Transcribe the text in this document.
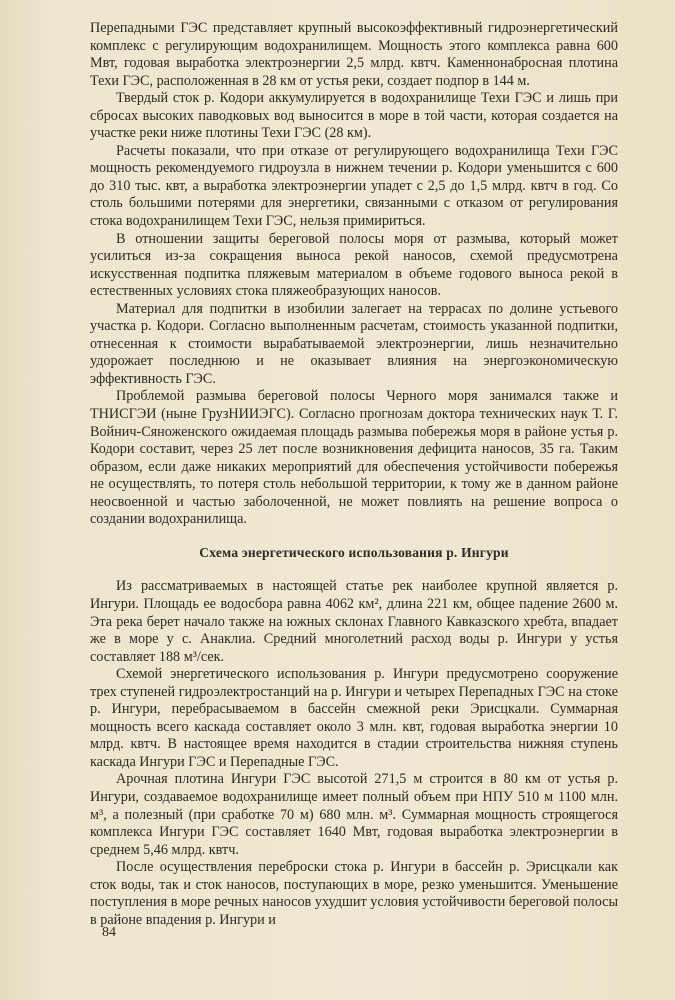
Перепадными ГЭС представляет крупный высокоэффективный гидроэнергетический комплекс с регулирующим водохранилищем. Мощность этого комплекса равна 600 Мвт, годовая выработка электроэнергии 2,5 млрд. квтч. Каменнонабросная плотина Техи ГЭС, расположенная в 28 км от устья реки, создает подпор в 144 м.

Твердый сток р. Кодори аккумулируется в водохранилище Техи ГЭС и лишь при сбросах высоких паводковых вод выносится в море в той части, которая создается на участке реки ниже плотины Техи ГЭС (28 км).

Расчеты показали, что при отказе от регулирующего водохранилища Техи ГЭС мощность рекомендуемого гидроузла в нижнем течении р. Кодори уменьшится с 600 до 310 тыс. квт, а выработка электроэнергии упадет с 2,5 до 1,5 млрд. квтч в год. Со столь большими потерями для энергетики, связанными с отказом от регулирования стока водохранилищем Техи ГЭС, нельзя примириться.

В отношении защиты береговой полосы моря от размыва, который может усилиться из-за сокращения выноса рекой наносов, схемой предусмотрена искусственная подпитка пляжевым материалом в объеме годового выноса рекой в естественных условиях стока пляжеобразующих наносов.

Материал для подпитки в изобилии залегает на террасах по долине устьевого участка р. Кодори. Согласно выполненным расчетам, стоимость указанной подпитки, отнесенная к стоимости вырабатываемой электроэнергии, лишь незначительно удорожает последнюю и не оказывает влияния на энергоэкономическую эффективность ГЭС.

Проблемой размыва береговой полосы Черного моря занимался также и ТНИСГЭИ (ныне ГрузНИИЭГС). Согласно прогнозам доктора технических наук Т. Г. Войнич-Сяноженского ожидаемая площадь размыва побережья моря в районе устья р. Кодори составит, через 25 лет после возникновения дефицита наносов, 35 га. Таким образом, если даже никаких мероприятий для обеспечения устойчивости побережья не осуществлять, то потеря столь небольшой территории, к тому же в данном районе неосвоенной и частью заболоченной, не может повлиять на решение вопроса о создании водохранилища.

Схема энергетического использования р. Ингури

Из рассматриваемых в настоящей статье рек наиболее крупной является р. Ингури. Площадь ее водосбора равна 4062 км², длина 221 км, общее падение 2600 м. Эта река берет начало также на южных склонах Главного Кавказского хребта, впадает же в море у с. Анаклиа. Средний многолетний расход воды р. Ингури у устья составляет 188 м³/сек.

Схемой энергетического использования р. Ингури предусмотрено сооружение трех ступеней гидроэлектростанций на р. Ингури и четырех Перепадных ГЭС на стоке р. Ингури, перебрасываемом в бассейн смежной реки Эрисцкали. Суммарная мощность всего каскада составляет около 3 млн. квт, годовая выработка энергии 10 млрд. квтч. В настоящее время находится в стадии строительства нижняя ступень каскада Ингури ГЭС и Перепадные ГЭС.

Арочная плотина Ингури ГЭС высотой 271,5 м строится в 80 км от устья р. Ингури, создаваемое водохранилище имеет полный объем при НПУ 510 м 1100 млн. м³, а полезный (при сработке 70 м) 680 млн. м³. Суммарная мощность строящегося комплекса Ингури ГЭС составляет 1640 Мвт, годовая выработка электроэнергии в среднем 5,46 млрд. квтч.

После осуществления переброски стока р. Ингури в бассейн р. Эрисцкали как сток воды, так и сток наносов, поступающих в море, резко уменьшится. Уменьшение поступления в море речных наносов ухудшит условия устойчивости береговой полосы в районе впадения р. Ингури и

84
